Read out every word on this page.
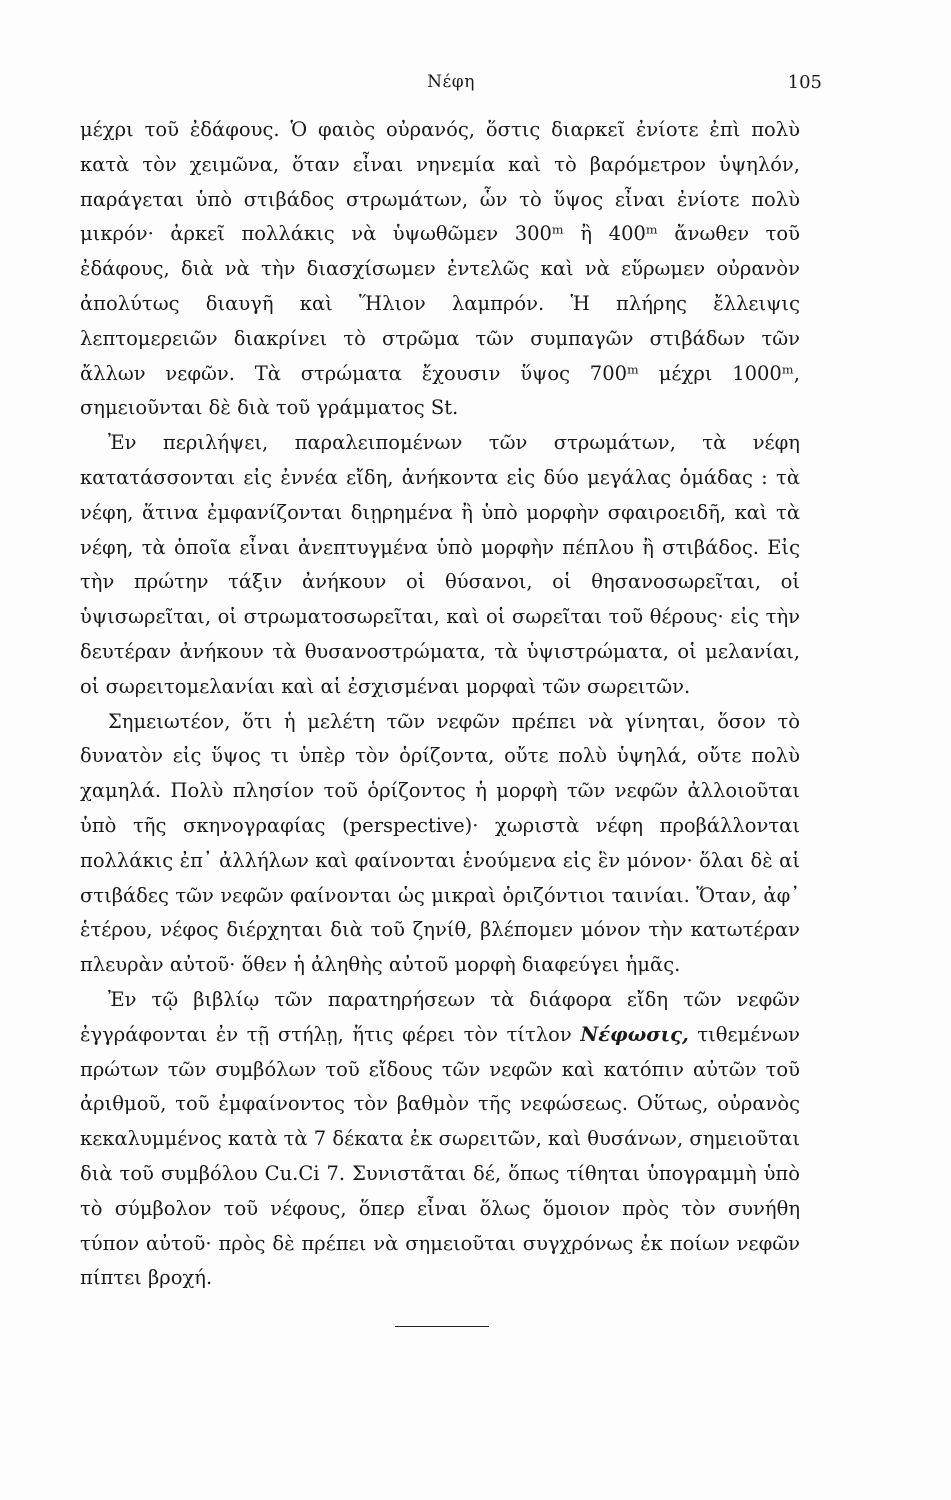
Νέφη	105

μέχρι τοῦ ἐδάφους. Ὁ φαιὸς οὐρανός, ὅστις διαρκεῖ ἐνίοτε ἐπὶ πολὺ κατὰ τὸν χειμῶνα, ὅταν εἶναι νηνεμία καὶ τὸ βαρόμετρον ὑψηλόν, παράγεται ὑπὸ στιβάδος στρωμάτων, ὧν τὸ ὕψος εἶναι ἐνίοτε πολὺ μικρόν· ἀρκεῖ πολλάκις νὰ ὑψωθῶμεν 300ᵐ ἢ 400ᵐ ἄνωθεν τοῦ ἐδάφους, διὰ νὰ τὴν διασχίσωμεν ἐντελῶς καὶ νὰ εὕρωμεν οὐρανὸν ἀπολύτως διαυγῆ καὶ Ἥλιον λαμπρόν. Ἡ πλήρης ἔλλειψις λεπτομερειῶν διακρίνει τὸ στρῶμα τῶν συμπαγῶν στιβάδων τῶν ἄλλων νεφῶν. Τὰ στρώματα ἔχουσιν ὕψος 700ᵐ μέχρι 1000ᵐ, σημειοῦνται δὲ διὰ τοῦ γράμματος St.

Ἐν περιλήψει, παραλειπομένων τῶν στρωμάτων, τὰ νέφη κατατάσσονται εἰς ἐννέα εἴδη, ἀνήκοντα εἰς δύο μεγάλας ὁμάδας : τὰ νέφη, ἅτινα ἐμφανίζονται διῃρημένα ἢ ὑπὸ μορφὴν σφαιροειδῆ, καὶ τὰ νέφη, τὰ ὁποῖα εἶναι ἀνεπτυγμένα ὑπὸ μορφὴν πέπλου ἢ στιβάδος. Εἰς τὴν πρώτην τάξιν ἀνήκουν οἱ θύσανοι, οἱ θησανοσωρεῖται, οἱ ὑψισωρεῖται, οἱ στρωματοσωρεῖται, καὶ οἱ σωρεῖται τοῦ θέρους· εἰς τὴν δευτέραν ἀνήκουν τὰ θυσανοστρώματα, τὰ ὑψιστρώματα, οἱ μελανίαι, οἱ σωρειτομελανίαι καὶ αἱ ἐσχισμέναι μορφαὶ τῶν σωρειτῶν.

Σημειωτέον, ὅτι ἡ μελέτη τῶν νεφῶν πρέπει νὰ γίνηται, ὅσον τὸ δυνατὸν εἰς ὕψος τι ὑπὲρ τὸν ὁρίζοντα, οὔτε πολὺ ὑψηλά, οὔτε πολὺ χαμηλά. Πολὺ πλησίον τοῦ ὁρίζοντος ἡ μορφὴ τῶν νεφῶν ἀλλοιοῦται ὑπὸ τῆς σκηνογραφίας (perspective)· χωριστὰ νέφη προβάλλονται πολλάκις ἐπ᾿ ἀλλήλων καὶ φαίνονται ἑνούμενα εἰς ἓν μόνον· ὅλαι δὲ αἱ στιβάδες τῶν νεφῶν φαίνονται ὡς μικραὶ ὁριζόντιοι ταινίαι. Ὅταν, ἀφ᾿ ἑτέρου, νέφος διέρχηται διὰ τοῦ ζηνίθ, βλέπομεν μόνον τὴν κατωτέραν πλευρὰν αὐτοῦ· ὅθεν ἡ ἀληθὴς αὐτοῦ μορφὴ διαφεύγει ἡμᾶς.

Ἐν τῷ βιβλίῳ τῶν παρατηρήσεων τὰ διάφορα εἴδη τῶν νεφῶν ἐγγράφονται ἐν τῇ στήλῃ, ἥτις φέρει τὸν τίτλον Νέφωσις, τιθεμένων πρώτων τῶν συμβόλων τοῦ εἴδους τῶν νεφῶν καὶ κατόπιν αὐτῶν τοῦ ἀριθμοῦ, τοῦ ἐμφαίνοντος τὸν βαθμὸν τῆς νεφώσεως. Οὕτως, οὐρανὸς κεκαλυμμένος κατὰ τὰ 7 δέκατα ἐκ σωρειτῶν, καὶ θυσάνων, σημειοῦται διὰ τοῦ συμβόλου Cu.Ci 7. Συνιστᾶται δέ, ὅπως τίθηται ὑπογραμμὴ ὑπὸ τὸ σύμβολον τοῦ νέφους, ὅπερ εἶναι ὅλως ὅμοιον πρὸς τὸν συνήθη τύπον αὐτοῦ· πρὸς δὲ πρέπει νὰ σημειοῦται συγχρόνως ἐκ ποίων νεφῶν πίπτει βροχή.
